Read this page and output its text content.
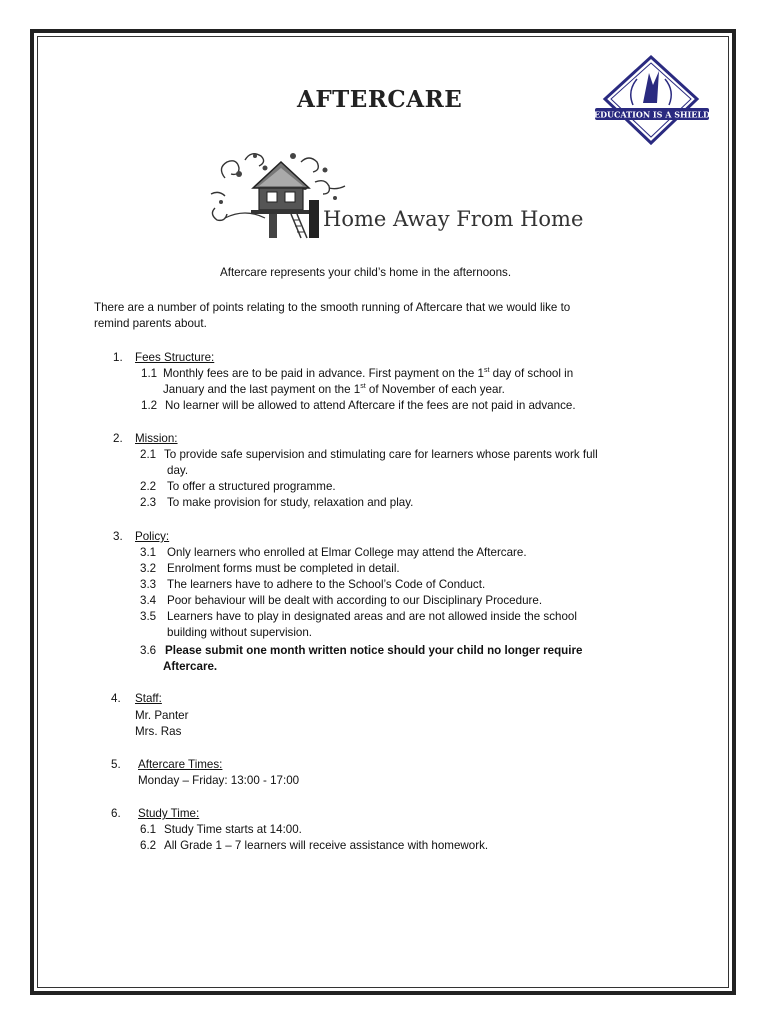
AFTERCARE
EDUCATION IS A SHIELD
Home Away From Home
Aftercare represents your child’s home in the afternoons.
There are a number of points relating to the smooth running of Aftercare that we would like to
remind parents about.
1. Fees Structure:
1.1 Monthly fees are to be paid in advance. First payment on the 1st day of school in
January and the last payment on the 1st of November of each year.
1.2 No learner will be allowed to attend Aftercare if the fees are not paid in advance.
2. Mission:
2.1 To provide safe supervision and stimulating care for learners whose parents work full
day.
2.2 To offer a structured programme.
2.3 To make provision for study, relaxation and play.
3. Policy:
3.1 Only learners who enrolled at Elmar College may attend the Aftercare.
3.2 Enrolment forms must be completed in detail.
3.3 The learners have to adhere to the School’s Code of Conduct.
3.4 Poor behaviour will be dealt with according to our Disciplinary Procedure.
3.5 Learners have to play in designated areas and are not allowed inside the school
building without supervision.
3.6 Please submit one month written notice should your child no longer require
Aftercare.
4. Staff:
Mr. Panter
Mrs. Ras
5. Aftercare Times:
Monday – Friday: 13:00 - 17:00
6. Study Time:
6.1 Study Time starts at 14:00.
6.2 All Grade 1 – 7 learners will receive assistance with homework.
